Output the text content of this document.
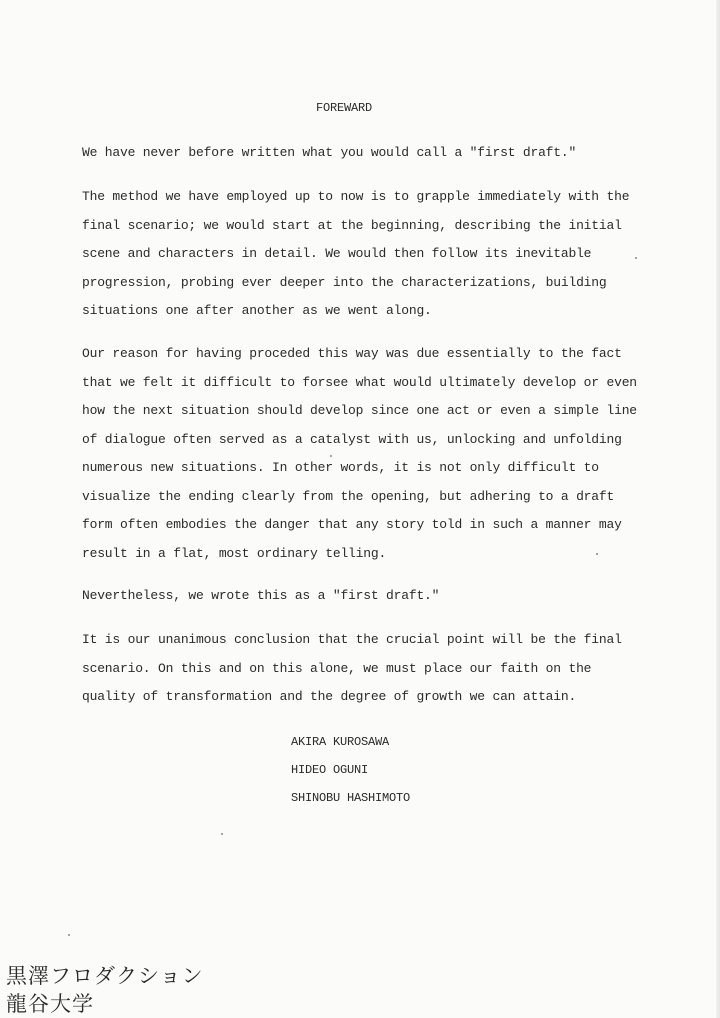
FOREWARD
We have never before written what you would call a "first draft."
The method we have employed up to now is to grapple immediately with the
final scenario; we would start at the beginning, describing the initial
scene and characters in detail. We would then follow its inevitable
progression, probing ever deeper into the characterizations, building
situations one after another as we went along.
Our reason for having proceded this way was due essentially to the fact
that we felt it difficult to forsee what would ultimately develop or even
how the next situation should develop since one act or even a simple line
of dialogue often served as a catalyst with us, unlocking and unfolding
numerous new situations. In other words, it is not only difficult to
visualize the ending clearly from the opening, but adhering to a draft
form often embodies the danger that any story told in such a manner may
result in a flat, most ordinary telling.
Nevertheless, we wrote this as a "first draft."
It is our unanimous conclusion that the crucial point will be the final
scenario. On this and on this alone, we must place our faith on the
quality of transformation and the degree of growth we can attain.
AKIRA KUROSAWA
HIDEO OGUNI
SHINOBU HASHIMOTO
黒澤フロダクション
龍谷大学
